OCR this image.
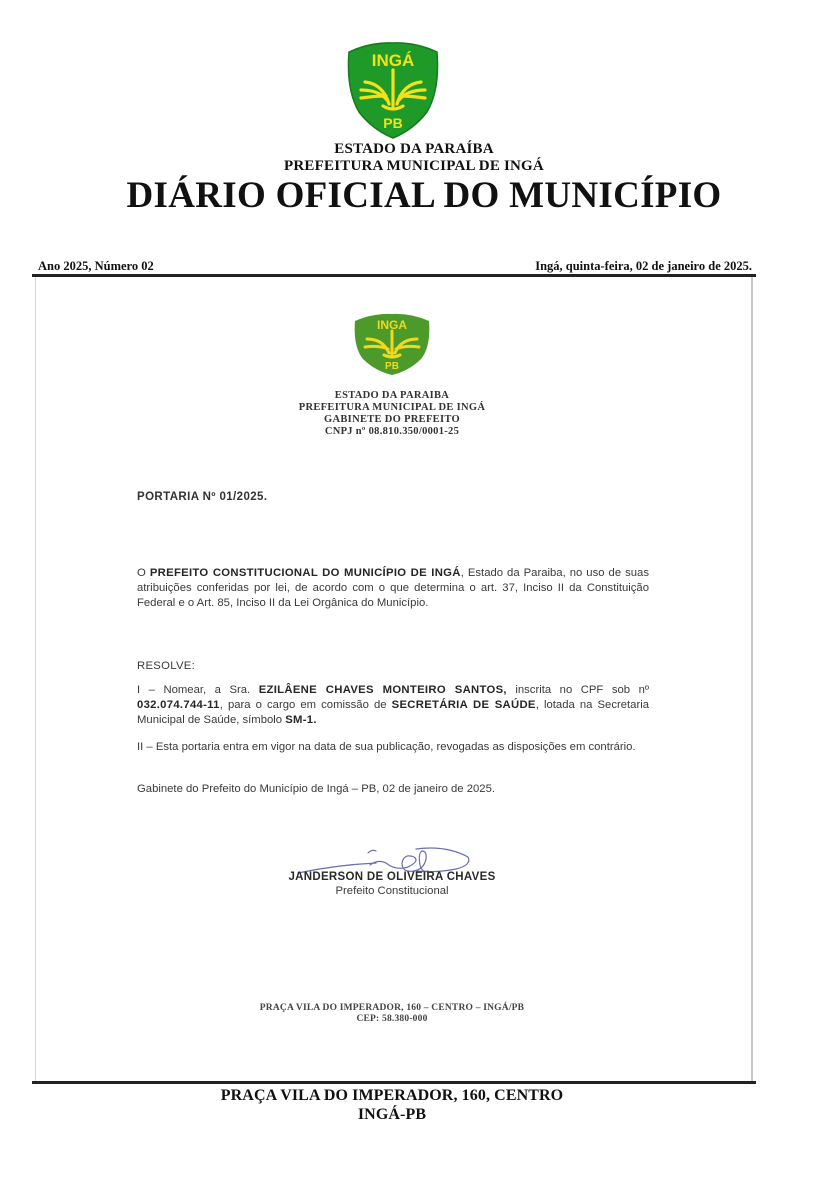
INGÁ
PB
ESTADO DA PARAÍBA
PREFEITURA MUNICIPAL DE INGÁ
DIÁRIO OFICIAL DO MUNICÍPIO
Ano 2025, Número 02	Ingá, quinta-feira, 02 de janeiro de 2025.
INGA
PB
ESTADO DA PARAIBA
PREFEITURA MUNICIPAL DE INGÁ
GABINETE DO PREFEITO
CNPJ nº 08.810.350/0001-25
PORTARIA Nº 01/2025.
O PREFEITO CONSTITUCIONAL DO MUNICÍPIO DE INGÁ, Estado da Paraiba, no uso de suas atribuições conferidas por lei, de acordo com o que determina o art. 37, Inciso II da Constituição Federal e o Art. 85, Inciso II da Lei Orgânica do Município.
RESOLVE:
I – Nomear, a Sra. EZILÂENE CHAVES MONTEIRO SANTOS, inscrita no CPF sob nº 032.074.744-11, para o cargo em comissão de SECRETÁRIA DE SAÚDE, lotada na Secretaria Municipal de Saúde, símbolo SM-1.
II – Esta portaria entra em vigor na data de sua publicação, revogadas as disposições em contrário.
Gabinete do Prefeito do Município de Ingá – PB, 02 de janeiro de 2025.
JANDERSON DE OLIVEIRA CHAVES
Prefeito Constitucional
PRAÇA VILA DO IMPERADOR, 160 – CENTRO – INGÁ/PB
CEP: 58.380-000
PRAÇA VILA DO IMPERADOR, 160, CENTRO
INGÁ-PB
